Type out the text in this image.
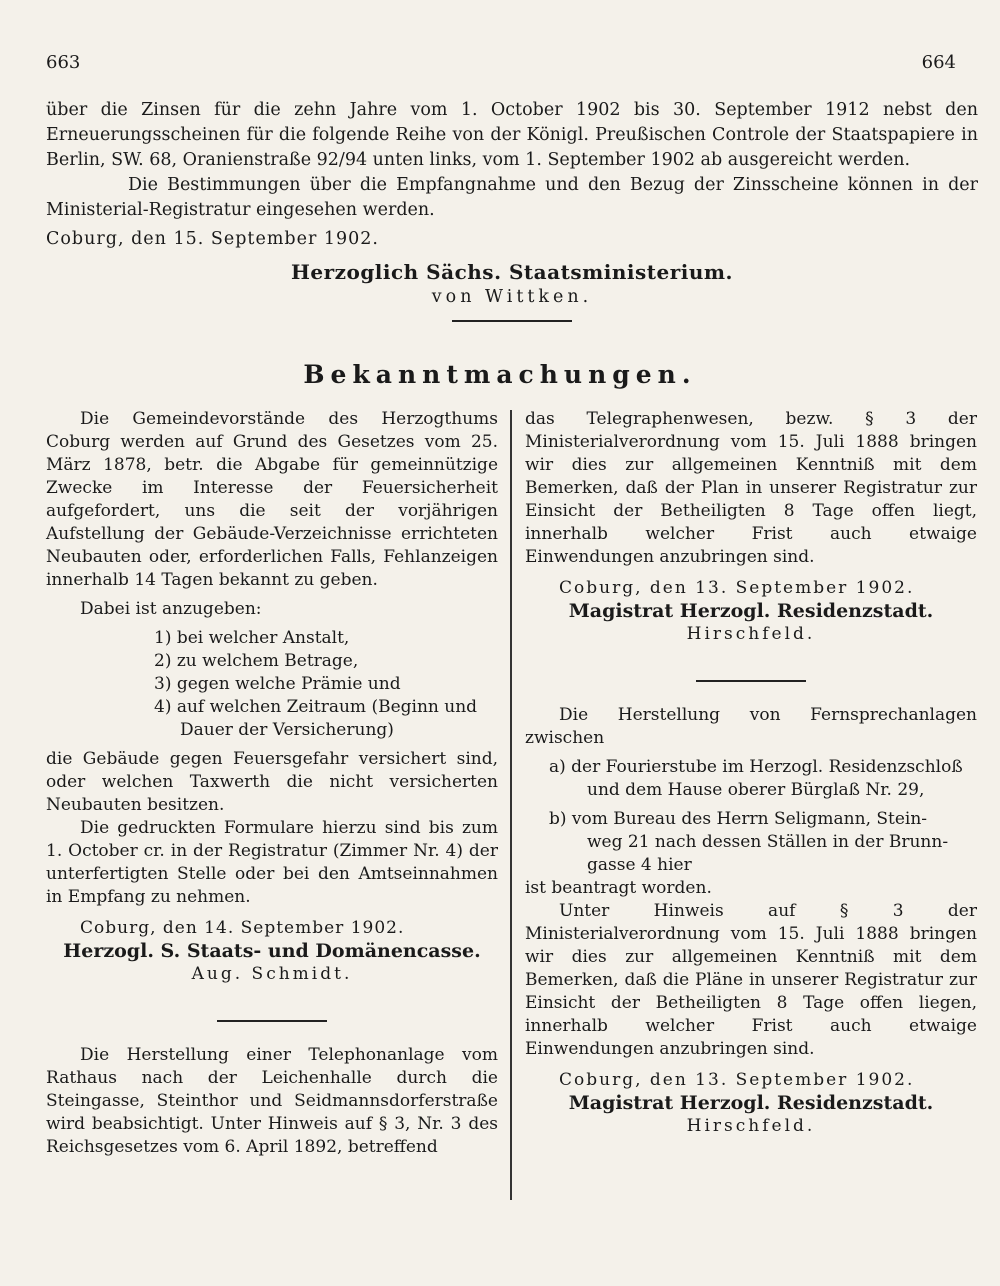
663	664

über die Zinsen für die zehn Jahre vom 1. October 1902 bis 30. September 1912 nebst den Erneuerungsscheinen für die folgende Reihe von der Königl. Preußischen Controle der Staatspapiere in Berlin, SW. 68, Oranienstraße 92/94 unten links, vom 1. September 1902 ab ausgereicht werden.

Die Bestimmungen über die Empfangnahme und den Bezug der Zinsscheine können in der Ministerial-Registratur eingesehen werden.

Coburg, den 15. September 1902.

Herzoglich Sächs. Staatsministerium.

von Wittken.

Bekanntmachungen.

Die Gemeindevorstände des Herzogthums Coburg werden auf Grund des Gesetzes vom 25. März 1878, betr. die Abgabe für gemeinnützige Zwecke im Interesse der Feuersicherheit aufgefordert, uns die seit der vorjährigen Aufstellung der Gebäude-Verzeichnisse errichteten Neubauten oder, erforderlichen Falls, Fehlanzeigen innerhalb 14 Tagen bekannt zu geben.

Dabei ist anzugeben:

1) bei welcher Anstalt,
2) zu welchem Betrage,
3) gegen welche Prämie und
4) auf welchen Zeitraum (Beginn und
Dauer der Versicherung)

die Gebäude gegen Feuersgefahr versichert sind, oder welchen Taxwerth die nicht versicherten Neubauten besitzen.

Die gedruckten Formulare hierzu sind bis zum 1. October cr. in der Registratur (Zimmer Nr. 4) der unterfertigten Stelle oder bei den Amtseinnahmen in Empfang zu nehmen.

Coburg, den 14. September 1902.

Herzogl. S. Staats- und Domänencasse.

Aug. Schmidt.

Die Herstellung einer Telephonanlage vom Rathaus nach der Leichenhalle durch die Steingasse, Steinthor und Seidmannsdorferstraße wird beabsichtigt. Unter Hinweis auf § 3, Nr. 3 des Reichsgesetzes vom 6. April 1892, betreffend

das Telegraphenwesen, bezw. § 3 der Ministerialverordnung vom 15. Juli 1888 bringen wir dies zur allgemeinen Kenntniß mit dem Bemerken, daß der Plan in unserer Registratur zur Einsicht der Betheiligten 8 Tage offen liegt, innerhalb welcher Frist auch etwaige Einwendungen anzubringen sind.

Coburg, den 13. September 1902.

Magistrat Herzogl. Residenzstadt.

Hirschfeld.

Die Herstellung von Fernsprechanlagen zwischen

a) der Fourierstube im Herzogl. Residenzschloß
und dem Hause oberer Bürglaß Nr. 29,
b) vom Bureau des Herrn Seligmann, Stein-
weg 21 nach dessen Ställen in der Brunn-
gasse 4 hier

ist beantragt worden.

Unter Hinweis auf § 3 der Ministerialverordnung vom 15. Juli 1888 bringen wir dies zur allgemeinen Kenntniß mit dem Bemerken, daß die Pläne in unserer Registratur zur Einsicht der Betheiligten 8 Tage offen liegen, innerhalb welcher Frist auch etwaige Einwendungen anzubringen sind.

Coburg, den 13. September 1902.

Magistrat Herzogl. Residenzstadt.

Hirschfeld.
